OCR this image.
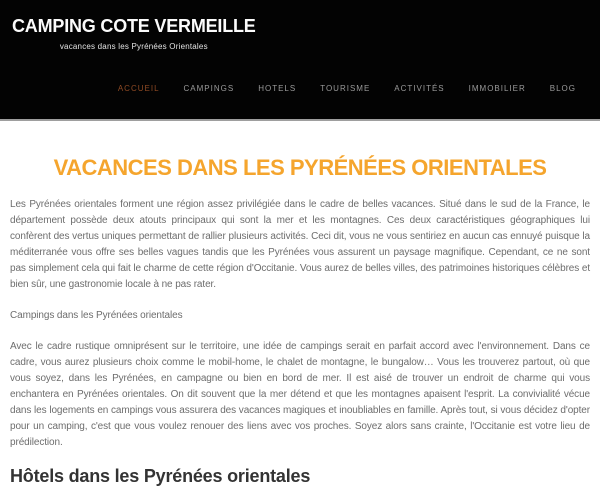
CAMPING COTE VERMEILLE

vacances dans les Pyrénées Orientales

ACCUEIL	CAMPINGS	HOTELS	TOURISME	ACTIVITÉS	IMMOBILIER	BLOG
VACANCES DANS LES PYRÉNÉES ORIENTALES

Les Pyrénées orientales forment une région assez privilégiée dans le cadre de belles vacances. Situé dans le sud de la France, le département possède deux atouts principaux qui sont la mer et les montagnes. Ces deux caractéristiques géographiques lui confèrent des vertus uniques permettant de rallier plusieurs activités. Ceci dit, vous ne vous sentiriez en aucun cas ennuyé puisque la méditerranée vous offre ses belles vagues tandis que les Pyrénées vous assurent un paysage magnifique. Cependant, ce ne sont pas simplement cela qui fait le charme de cette région d'Occitanie. Vous aurez de belles villes, des patrimoines historiques célèbres et bien sûr, une gastronomie locale à ne pas rater.

Campings dans les Pyrénées orientales

Avec le cadre rustique omniprésent sur le territoire, une idée de campings serait en parfait accord avec l'environnement. Dans ce cadre, vous aurez plusieurs choix comme le mobil-home, le chalet de montagne, le bungalow… Vous les trouverez partout, où que vous soyez, dans les Pyrénées, en campagne ou bien en bord de mer. Il est aisé de trouver un endroit de charme qui vous enchantera en Pyrénées orientales. On dit souvent que la mer détend et que les montagnes apaisent l'esprit. La convivialité vécue dans les logements en campings vous assurera des vacances magiques et inoubliables en famille. Après tout, si vous décidez d'opter pour un camping, c'est que vous voulez renouer des liens avec vos proches. Soyez alors sans crainte, l'Occitanie est votre lieu de prédilection.

Hôtels dans les Pyrénées orientales
